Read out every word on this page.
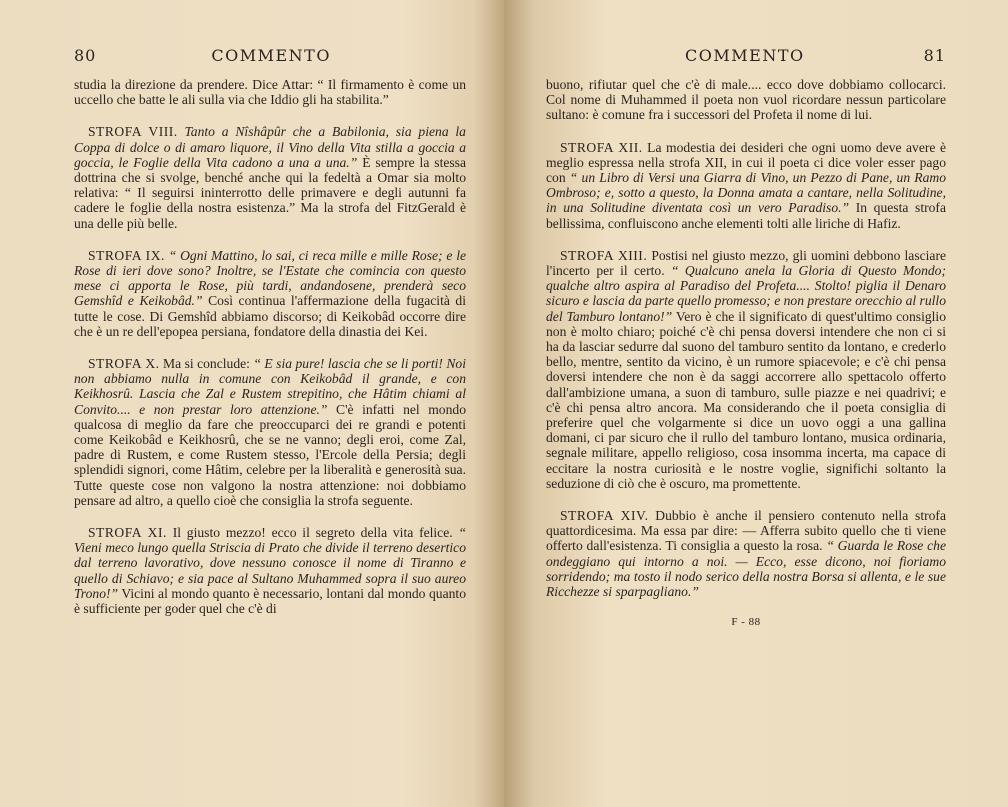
80	COMMENTO

studia la direzione da prendere. Dice Attar: “ Il firmamento è come un uccello che batte le ali sulla via che Iddio gli ha stabilita.”

STROFA VIII. Tanto a Nîshâpûr che a Babilonia, sia piena la Coppa di dolce o di amaro liquore, il Vino della Vita stilla a goccia a goccia, le Foglie della Vita cadono a una a una.” È sempre la stessa dottrina che si svolge, benché anche qui la fedeltà a Omar sia molto relativa: “ Il seguirsi ininterrotto delle primavere e degli autunni fa cadere le foglie della nostra esistenza.” Ma la strofa del FitzGerald è una delle più belle.

STROFA IX. “ Ogni Mattino, lo sai, ci reca mille e mille Rose; e le Rose di ieri dove sono? Inoltre, se l'Estate che comincia con questo mese ci apporta le Rose, più tardi, andandosene, prenderà seco Gemshîd e Keikobâd.” Così continua l'affermazione della fugacità di tutte le cose. Di Gemshîd abbiamo discorso; di Keikobâd occorre dire che è un re dell'epopea persiana, fondatore della dinastia dei Kei.

STROFA X. Ma si conclude: “ E sia pure! lascia che se li porti! Noi non abbiamo nulla in comune con Keikobâd il grande, e con Keikhosrû. Lascia che Zal e Rustem strepitino, che Hâtim chiami al Convito.... e non prestar loro attenzione.” C'è infatti nel mondo qualcosa di meglio da fare che preoccuparci dei re grandi e potenti come Keikobâd e Keikhosrû, che se ne vanno; degli eroi, come Zal, padre di Rustem, e come Rustem stesso, l'Ercole della Persia; degli splendidi signori, come Hâtim, celebre per la liberalità e generosità sua. Tutte queste cose non valgono la nostra attenzione: noi dobbiamo pensare ad altro, a quello cioè che consiglia la strofa seguente.

STROFA XI. Il giusto mezzo! ecco il segreto della vita felice. “ Vieni meco lungo quella Striscia di Prato che divide il terreno desertico dal terreno lavorativo, dove nessuno conosce il nome di Tiranno e quello di Schiavo; e sia pace al Sultano Muhammed sopra il suo aureo Trono!” Vicini al mondo quanto è necessario, lontani dal mondo quanto è sufficiente per goder quel che c'è di

COMMENTO	81

buono, rifiutar quel che c'è di male.... ecco dove dobbiamo collocarci. Col nome di Muhammed il poeta non vuol ricordare nessun particolare sultano: è comune fra i successori del Profeta il nome di lui.

STROFA XII. La modestia dei desideri che ogni uomo deve avere è meglio espressa nella strofa XII, in cui il poeta ci dice voler esser pago con “ un Libro di Versi una Giarra di Vino, un Pezzo di Pane, un Ramo Ombroso; e, sotto a questo, la Donna amata a cantare, nella Solitudine, in una Solitudine diventata così un vero Paradiso.” In questa strofa bellissima, confluiscono anche elementi tolti alle liriche di Hafiz.

STROFA XIII. Postisi nel giusto mezzo, gli uomini debbono lasciare l'incerto per il certo. “ Qualcuno anela la Gloria di Questo Mondo; qualche altro aspira al Paradiso del Profeta.... Stolto! piglia il Denaro sicuro e lascia da parte quello promesso; e non prestare orecchio al rullo del Tamburo lontano!” Vero è che il significato di quest'ultimo consiglio non è molto chiaro; poiché c'è chi pensa doversi intendere che non ci si ha da lasciar sedurre dal suono del tamburo sentito da lontano, e crederlo bello, mentre, sentito da vicino, è un rumore spiacevole; e c'è chi pensa doversi intendere che non è da saggi accorrere allo spettacolo offerto dall'ambizione umana, a suon di tamburo, sulle piazze e nei quadrivi; e c'è chi pensa altro ancora. Ma considerando che il poeta consiglia di preferire quel che volgarmente si dice un uovo oggi a una gallina domani, ci par sicuro che il rullo del tamburo lontano, musica ordinaria, segnale militare, appello religioso, cosa insomma incerta, ma capace di eccitare la nostra curiosità e le nostre voglie, significhi soltanto la seduzione di ciò che è oscuro, ma promettente.

STROFA XIV. Dubbio è anche il pensiero contenuto nella strofa quattordicesima. Ma essa par dire: — Afferra subito quello che ti viene offerto dall'esistenza. Ti consiglia a questo la rosa. “ Guarda le Rose che ondeggiano qui intorno a noi. — Ecco, esse dicono, noi fioriamo sorridendo; ma tosto il nodo serico della nostra Borsa si allenta, e le sue Ricchezze si sparpagliano.”

F - 88
